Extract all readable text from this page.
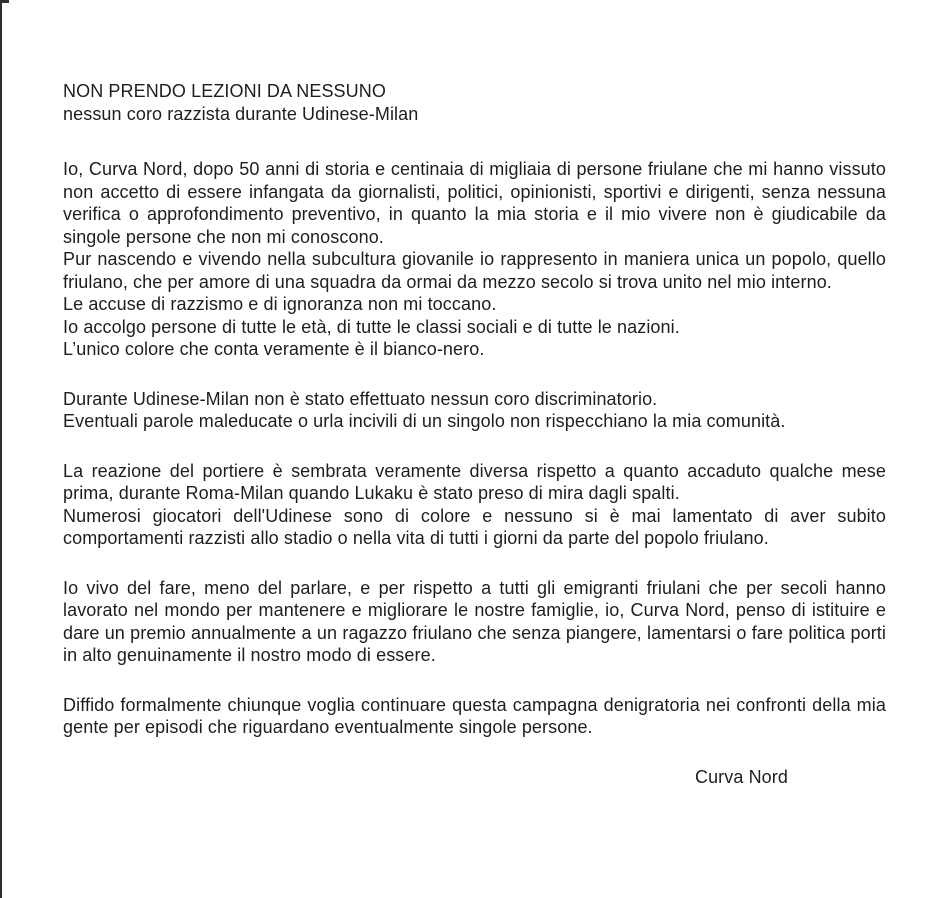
NON PRENDO LEZIONI DA NESSUNO

nessun coro razzista durante Udinese-Milan

Io, Curva Nord, dopo 50 anni di storia e centinaia di migliaia di persone friulane che mi hanno vissuto non accetto di essere infangata da giornalisti, politici, opinionisti, sportivi e dirigenti, senza nessuna verifica o approfondimento preventivo, in quanto la mia storia e il mio vivere non è giudicabile da singole persone che non mi conoscono.

Pur nascendo e vivendo nella subcultura giovanile io rappresento in maniera unica un popolo, quello friulano, che per amore di una squadra da ormai da mezzo secolo si trova unito nel mio interno.

Le accuse di razzismo e di ignoranza non mi toccano.

Io accolgo persone di tutte le età, di tutte le classi sociali e di tutte le nazioni.

L’unico colore che conta veramente è il bianco-nero.

Durante Udinese-Milan non è stato effettuato nessun coro discriminatorio.

Eventuali parole maleducate o urla incivili di un singolo non rispecchiano la mia comunità.

La reazione del portiere è sembrata veramente diversa rispetto a quanto accaduto qualche mese prima, durante Roma-Milan quando Lukaku è stato preso di mira dagli spalti.

Numerosi giocatori dell'Udinese sono di colore e nessuno si è mai lamentato di aver subito comportamenti razzisti allo stadio o nella vita di tutti i giorni da parte del popolo friulano.

Io vivo del fare, meno del parlare, e per rispetto a tutti gli emigranti friulani che per secoli hanno lavorato nel mondo per mantenere e migliorare le nostre famiglie, io, Curva Nord, penso di istituire e dare un premio annualmente a un ragazzo friulano che senza piangere, lamentarsi o fare politica porti in alto genuinamente il nostro modo di essere.

Diffido formalmente chiunque voglia continuare questa campagna denigratoria nei confronti della mia gente per episodi che riguardano eventualmente singole persone.

Curva Nord
